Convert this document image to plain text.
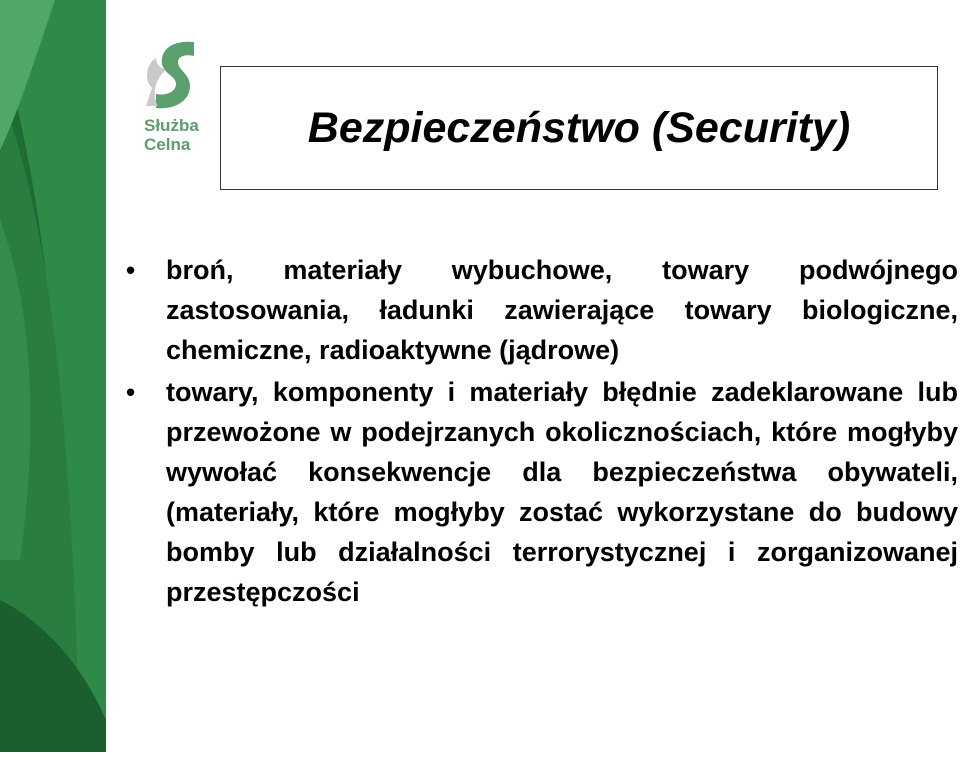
Służba
Celna	Bezpieczeństwo (Security)
• broń, materiały wybuchowe, towary podwójnego zastosowania, ładunki zawierające towary biologiczne, chemiczne, radioaktywne (jądrowe)
• towary, komponenty i materiały błędnie zadeklarowane lub przewożone w podejrzanych okolicznościach, które mogłyby wywołać konsekwencje dla bezpieczeństwa obywateli, (materiały, które mogłyby zostać wykorzystane do budowy bomby lub działalności terrorystycznej i zorganizowanej przestępczości
